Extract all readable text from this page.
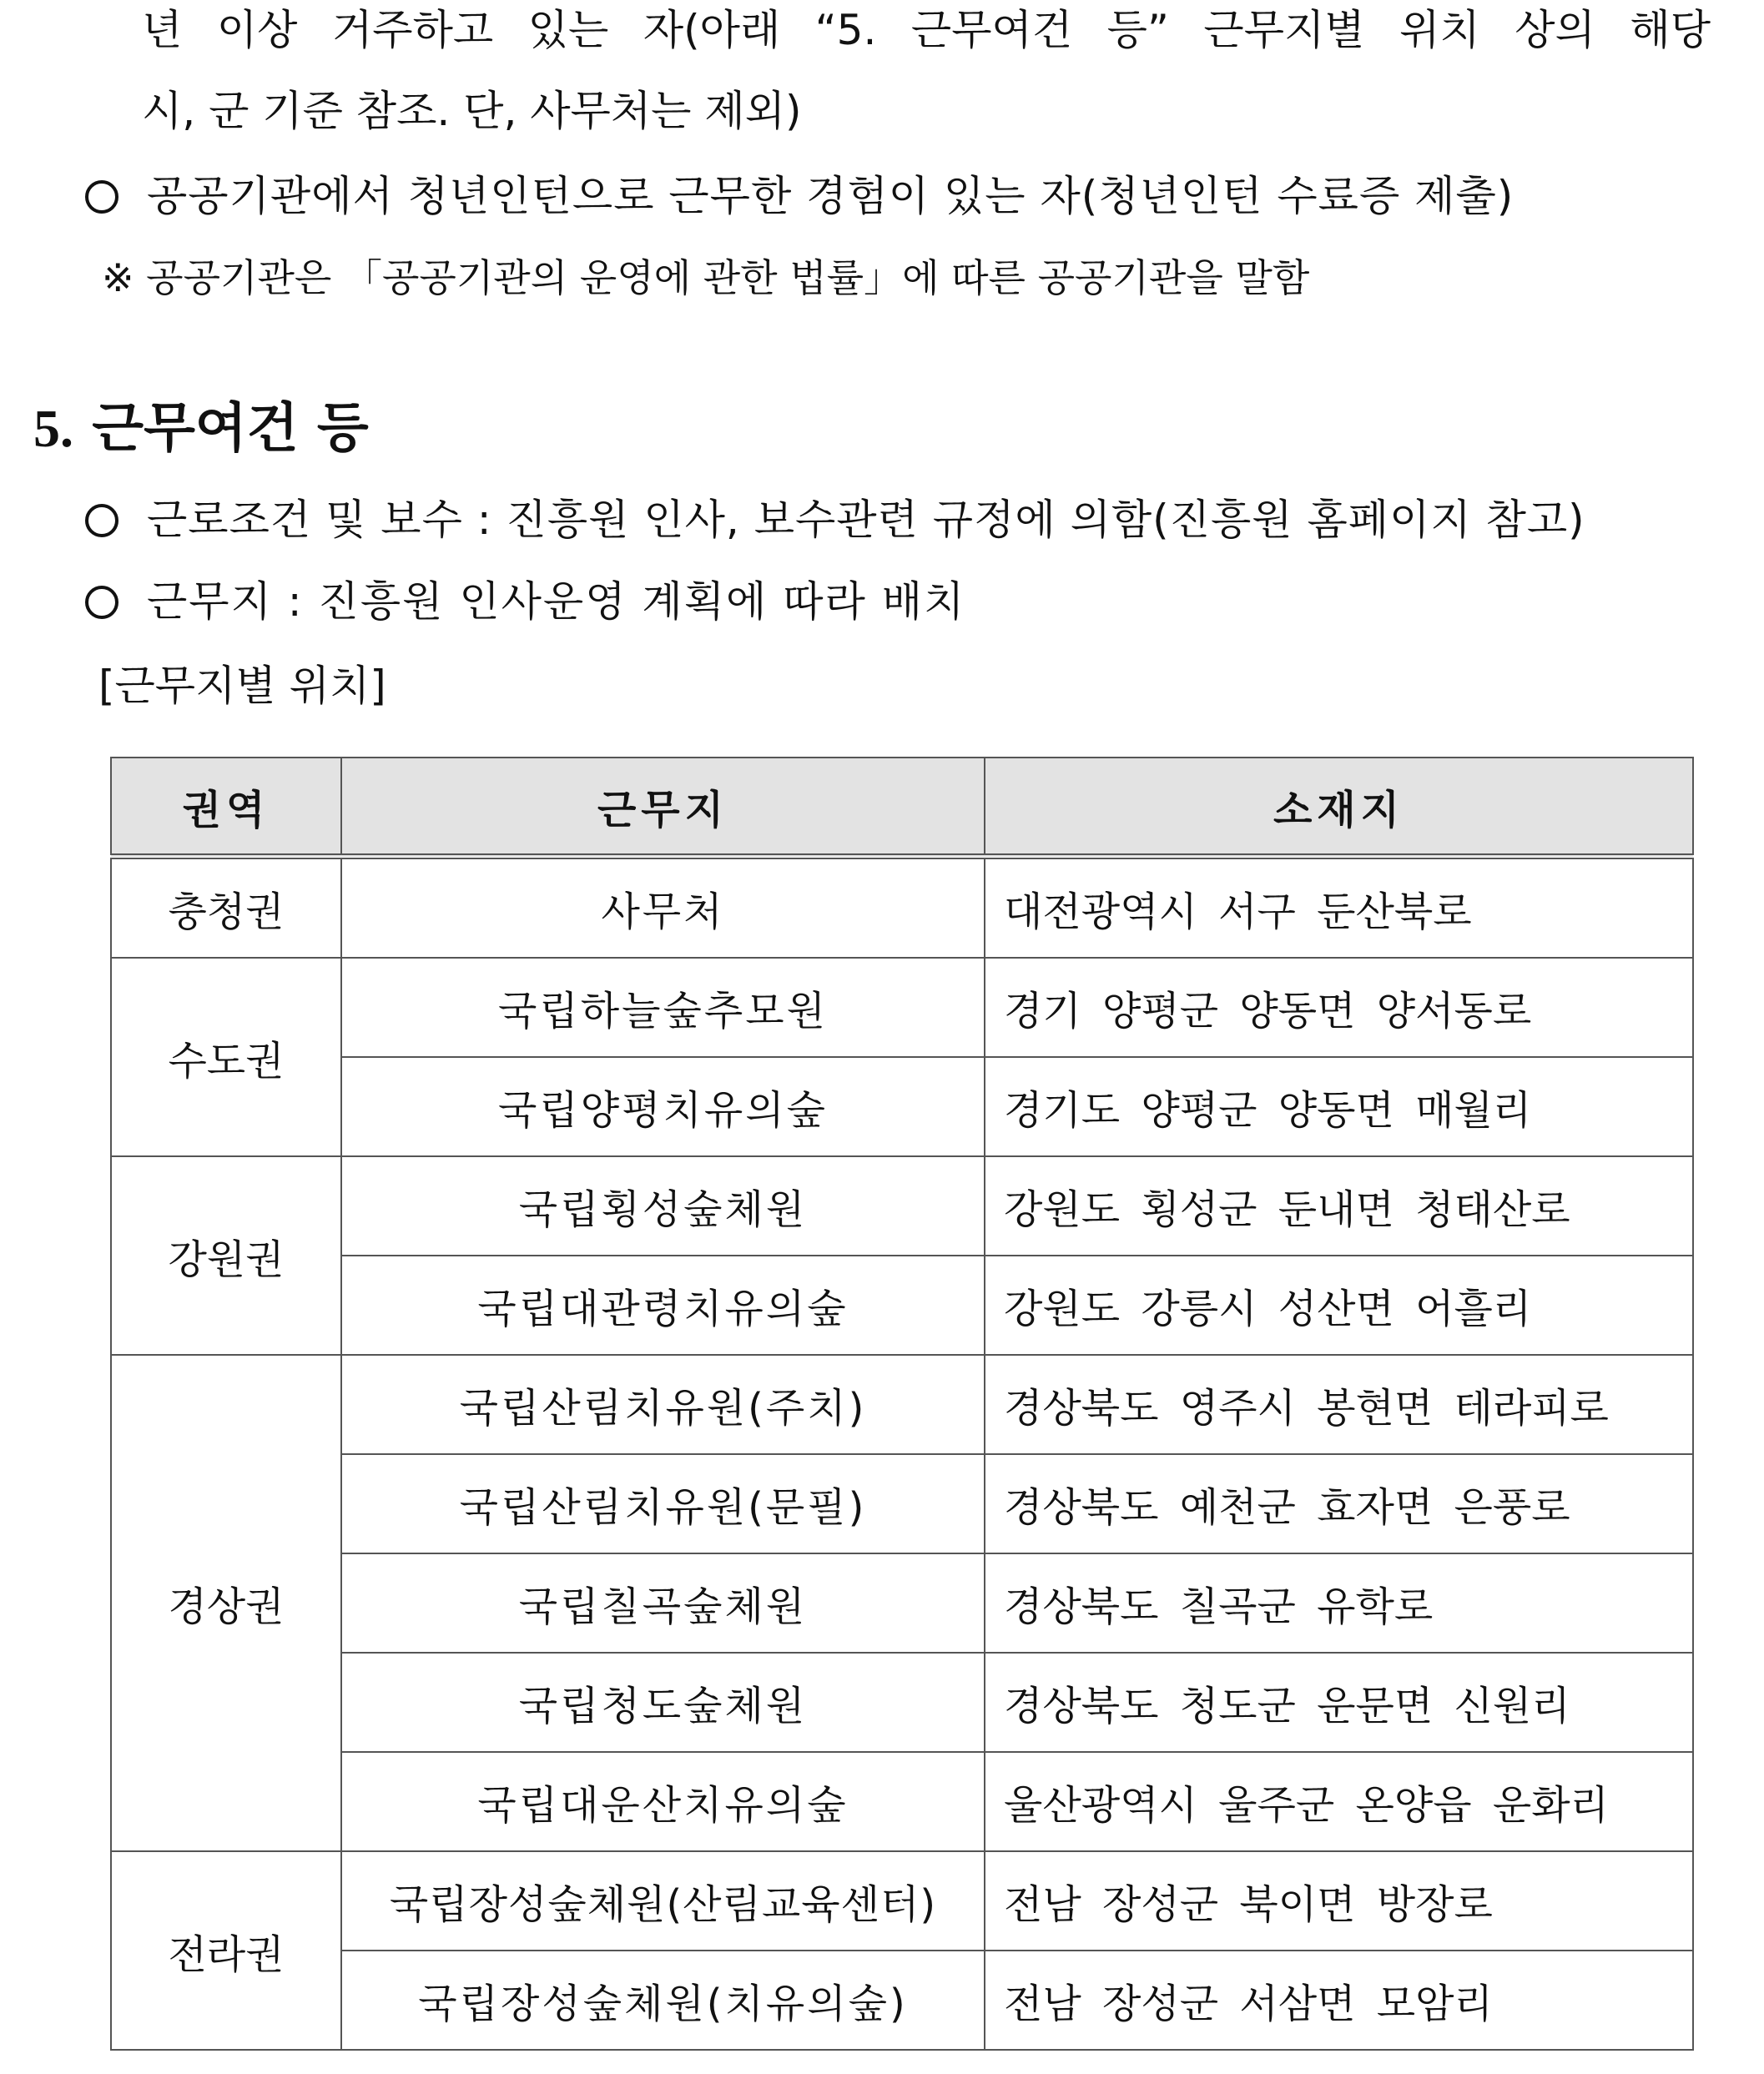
년 이상 거주하고 있는 자(아래 “5. 근무여건 등” 근무지별 위치 상의 해당
시, 군 기준 참조. 단, 사무처는 제외)
공공기관에서 청년인턴으로 근무한 경험이 있는 자(청년인턴 수료증 제출)
※ 공공기관은 「공공기관의 운영에 관한 법률」에 따른 공공기관을 말함
5. 근무여건 등
근로조건 및 보수 : 진흥원 인사, 보수관련 규정에 의함(진흥원 홈페이지 참고)
근무지 : 진흥원 인사운영 계획에 따라 배치
[근무지별 위치]
권역	근무지	소재지
충청권	사무처	대전광역시 서구 둔산북로
수도권	국립하늘숲추모원	경기 양평군 양동면 양서동로
	국립양평치유의숲	경기도 양평군 양동면 매월리
강원권	국립횡성숲체원	강원도 횡성군 둔내면 청태산로
	국립대관령치유의숲	강원도 강릉시 성산면 어흘리
경상권	국립산림치유원(주치)	경상북도 영주시 봉현면 테라피로
	국립산림치유원(문필)	경상북도 예천군 효자면 은풍로
	국립칠곡숲체원	경상북도 칠곡군 유학로
	국립청도숲체원	경상북도 청도군 운문면 신원리
	국립대운산치유의숲	울산광역시 울주군 온양읍 운화리
전라권	국립장성숲체원(산림교육센터)	전남 장성군 북이면 방장로
	국립장성숲체원(치유의숲)	전남 장성군 서삼면 모암리
